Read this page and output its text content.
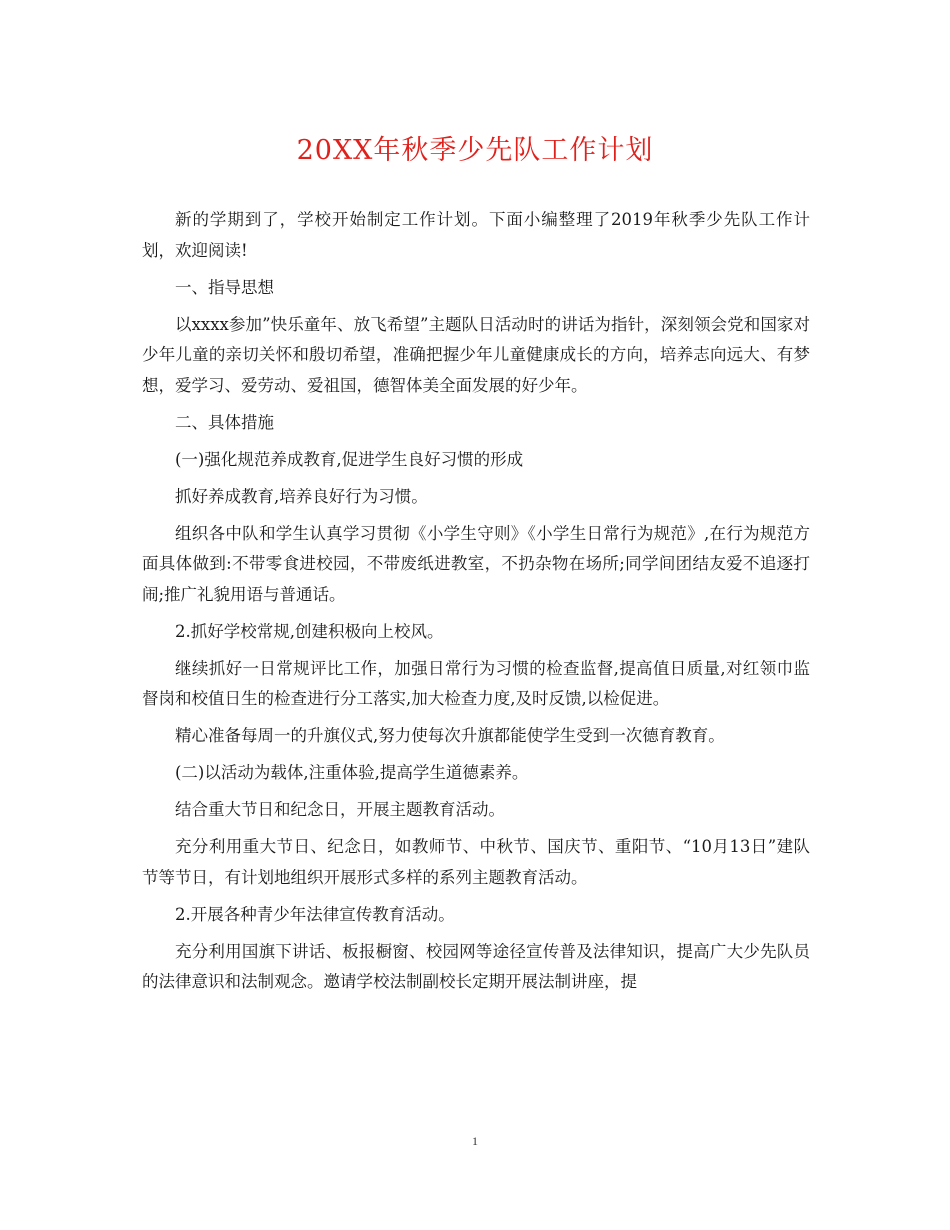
20XX年秋季少先队工作计划

新的学期到了，学校开始制定工作计划。下面小编整理了2019年秋季少先队工作计划，欢迎阅读!

一、指导思想

以xxxx参加”快乐童年、放飞希望”主题队日活动时的讲话为指针，深刻领会党和国家对少年儿童的亲切关怀和殷切希望，准确把握少年儿童健康成长的方向，培养志向远大、有梦想，爱学习、爱劳动、爱祖国，德智体美全面发展的好少年。

二、具体措施

(一)强化规范养成教育,促进学生良好习惯的形成

抓好养成教育,培养良好行为习惯。

组织各中队和学生认真学习贯彻《小学生守则》《小学生日常行为规范》,在行为规范方面具体做到:不带零食进校园，不带废纸进教室，不扔杂物在场所;同学间团结友爱不追逐打闹;推广礼貌用语与普通话。

2.抓好学校常规,创建积极向上校风。

继续抓好一日常规评比工作，加强日常行为习惯的检查监督,提高值日质量,对红领巾监督岗和校值日生的检查进行分工落实,加大检查力度,及时反馈,以检促进。

精心准备每周一的升旗仪式,努力使每次升旗都能使学生受到一次德育教育。

(二)以活动为载体,注重体验,提高学生道德素养。

结合重大节日和纪念日，开展主题教育活动。

充分利用重大节日、纪念日，如教师节、中秋节、国庆节、重阳节、“10月13日”建队节等节日，有计划地组织开展形式多样的系列主题教育活动。

2.开展各种青少年法律宣传教育活动。

充分利用国旗下讲话、板报橱窗、校园网等途径宣传普及法律知识，提高广大少先队员的法律意识和法制观念。邀请学校法制副校长定期开展法制讲座，提

1
